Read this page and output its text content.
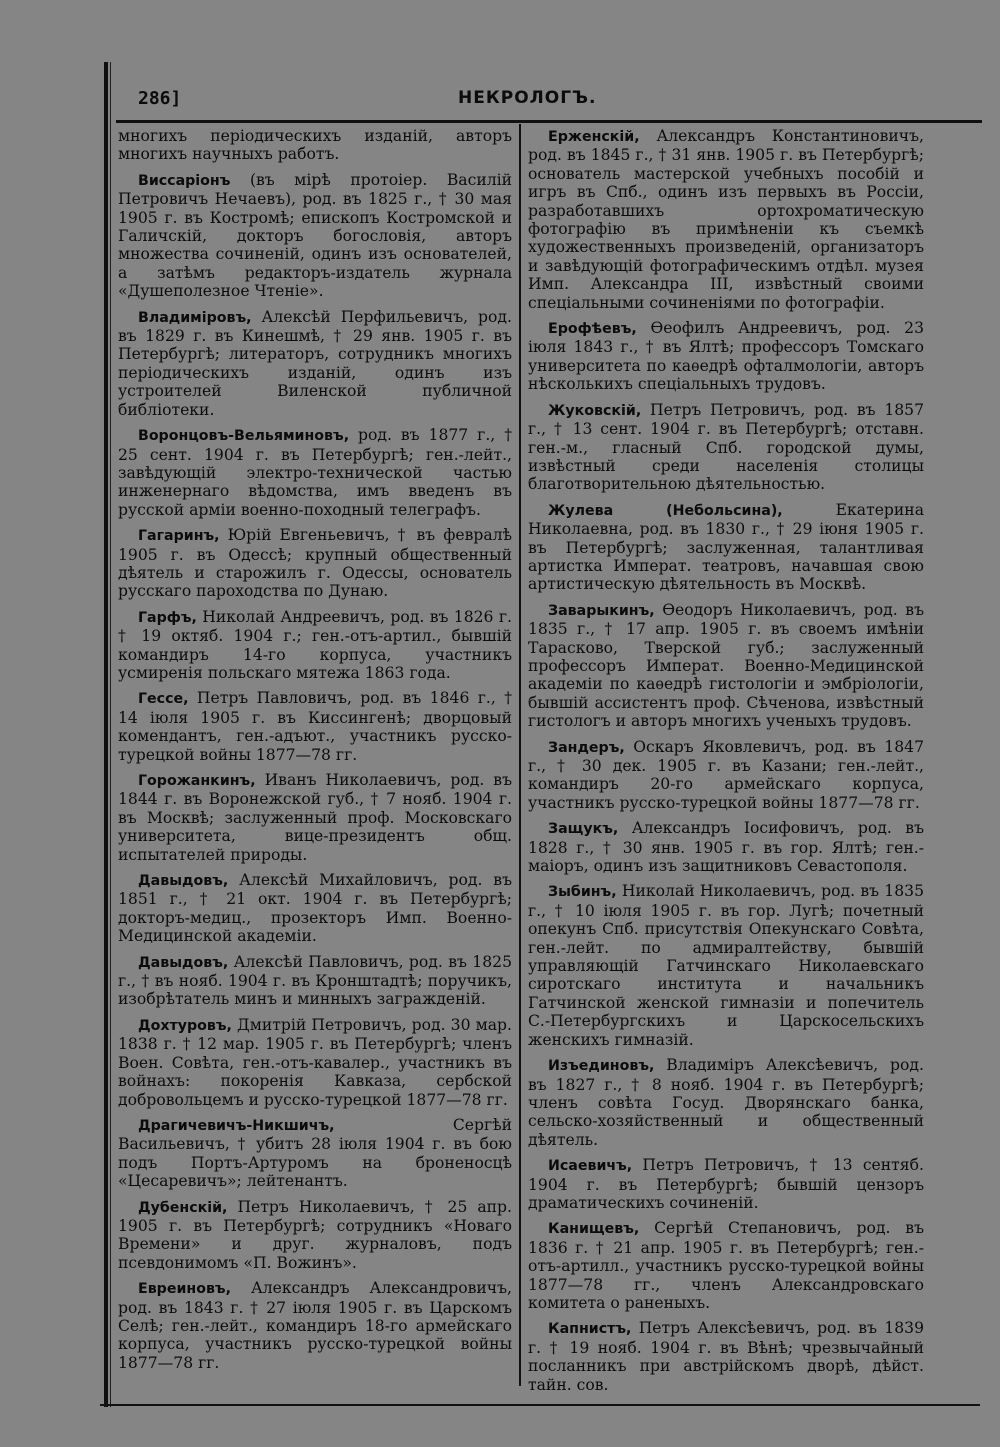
286]	НЕКРОЛОГЪ.

многихъ періодическихъ изданій, авторъ многихъ научныхъ работъ.

Виссаріонъ (въ мірѣ протоіер. Василій Петровичъ Нечаевъ), род. въ 1825 г., † 30 мая 1905 г. въ Костромѣ; епископъ Костромской и Галичскій, докторъ богословія, авторъ множества сочиненій, одинъ изъ основателей, а затѣмъ редакторъ-издатель журнала «Душеполезное Чтеніе».

Владиміровъ, Алексѣй Перфильевичъ, род. въ 1829 г. въ Кинешмѣ, † 29 янв. 1905 г. въ Петербургѣ; литераторъ, сотрудникъ многихъ періодическихъ изданій, одинъ изъ устроителей Виленской публичной библіотеки.

Воронцовъ-Вельяминовъ, род. въ 1877 г., † 25 сент. 1904 г. въ Петербургѣ; ген.-лейт., завѣдующій электро-технической частью инженернаго вѣдомства, имъ введенъ въ русской арміи военно-походный телеграфъ.

Гагаринъ, Юрій Евгеньевичъ, † въ февралѣ 1905 г. въ Одессѣ; крупный общественный дѣятель и старожилъ г. Одессы, основатель русскаго пароходства по Дунаю.

Гарфъ, Николай Андреевичъ, род. въ 1826 г. † 19 октяб. 1904 г.; ген.-отъ-артил., бывшій командиръ 14-го корпуса, участникъ усмиренія польскаго мятежа 1863 года.

Гессе, Петръ Павловичъ, род. въ 1846 г., † 14 іюля 1905 г. въ Киссингенѣ; дворцовый комендантъ, ген.-адъют., участникъ русско-турецкой войны 1877—78 гг.

Горожанкинъ, Иванъ Николаевичъ, род. въ 1844 г. въ Воронежской губ., † 7 нояб. 1904 г. въ Москвѣ; заслуженный проф. Московскаго университета, вице-президентъ общ. испытателей природы.

Давыдовъ, Алексѣй Михайловичъ, род. въ 1851 г., † 21 окт. 1904 г. въ Петербургѣ; докторъ-медиц., прозекторъ Имп. Военно-Медицинской академіи.

Давыдовъ, Алексѣй Павловичъ, род. въ 1825 г., † въ нояб. 1904 г. въ Кронштадтѣ; поручикъ, изобрѣтатель минъ и минныхъ загражденій.

Дохтуровъ, Дмитрій Петровичъ, род. 30 мар. 1838 г. † 12 мар. 1905 г. въ Петербургѣ; членъ Воен. Совѣта, ген.-отъ-кавалер., участникъ въ войнахъ: покоренія Кавказа, сербской добровольцемъ и русско-турецкой 1877—78 гг.

Драгичевичъ-Никшичъ, Сергѣй Васильевичъ, † убитъ 28 іюля 1904 г. въ бою подъ Портъ-Артуромъ на броненосцѣ «Цесаревичъ»; лейтенантъ.

Дубенскій, Петръ Николаевичъ, † 25 апр. 1905 г. въ Петербургѣ; сотрудникъ «Новаго Времени» и друг. журналовъ, подъ псевдонимомъ «П. Вожинъ».

Евреиновъ, Александръ Александровичъ, род. въ 1843 г. † 27 іюля 1905 г. въ Царскомъ Селѣ; ген.-лейт., командиръ 18-го армейскаго корпуса, участникъ русско-турецкой войны 1877—78 гг.

Ерженскій, Александръ Константиновичъ, род. въ 1845 г., † 31 янв. 1905 г. въ Петербургѣ; основатель мастерской учебныхъ пособій и игръ въ Спб., одинъ изъ первыхъ въ Россіи, разработавшихъ ортохроматическую фотографію въ примѣненіи къ съемкѣ художественныхъ произведеній, организаторъ и завѣдующій фотографическимъ отдѣл. музея Имп. Александра III, извѣстный своими спеціальными сочиненіями по фотографіи.

Ерофѣевъ, Ѳеофилъ Андреевичъ, род. 23 іюля 1843 г., † въ Ялтѣ; профессоръ Томскаго университета по каѳедрѣ офталмологіи, авторъ нѣсколькихъ спеціальныхъ трудовъ.

Жуковскій, Петръ Петровичъ, род. въ 1857 г., † 13 сент. 1904 г. въ Петербургѣ; отставн. ген.-м., гласный Спб. городской думы, извѣстный среди населенія столицы благотворительною дѣятельностью.

Жулева (Небольсина), Екатерина Николаевна, род. въ 1830 г., † 29 іюня 1905 г. въ Петербургѣ; заслуженная, талантливая артистка Императ. театровъ, начавшая свою артистическую дѣятельность въ Москвѣ.

Заварыкинъ, Ѳеодоръ Николаевичъ, род. въ 1835 г., † 17 апр. 1905 г. въ своемъ имѣніи Тарасково, Тверской губ.; заслуженный профессоръ Императ. Военно-Медицинской академіи по каѳедрѣ гистологіи и эмбріологіи, бывшій ассистентъ проф. Сѣченова, извѣстный гистологъ и авторъ многихъ ученыхъ трудовъ.

Зандеръ, Оскаръ Яковлевичъ, род. въ 1847 г., † 30 дек. 1905 г. въ Казани; ген.-лейт., командиръ 20-го армейскаго корпуса, участникъ русско-турецкой войны 1877—78 гг.

Защукъ, Александръ Іосифовичъ, род. въ 1828 г., † 30 янв. 1905 г. въ гор. Ялтѣ; ген.-маіоръ, одинъ изъ защитниковъ Севастополя.

Зыбинъ, Николай Николаевичъ, род. въ 1835 г., † 10 іюля 1905 г. въ гор. Лугѣ; почетный опекунъ Спб. присутствія Опекунскаго Совѣта, ген.-лейт. по адмиралтейству, бывшій управляющій Гатчинскаго Николаевскаго сиротскаго института и начальникъ Гатчинской женской гимназіи и попечитель С.-Петербургскихъ и Царскосельскихъ женскихъ гимназій.

Изъединовъ, Владиміръ Алексѣевичъ, род. въ 1827 г., † 8 нояб. 1904 г. въ Петербургѣ; членъ совѣта Госуд. Дворянскаго банка, сельско-хозяйственный и общественный дѣятель.

Исаевичъ, Петръ Петровичъ, † 13 сентяб. 1904 г. въ Петербургѣ; бывшій цензоръ драматическихъ сочиненій.

Канищевъ, Сергѣй Степановичъ, род. въ 1836 г. † 21 апр. 1905 г. въ Петербургѣ; ген.-отъ-артилл., участникъ русско-турецкой войны 1877—78 гг., членъ Александровскаго комитета о раненыхъ.

Капнистъ, Петръ Алексѣевичъ, род. въ 1839 г. † 19 нояб. 1904 г. въ Вѣнѣ; чрезвычайный посланникъ при австрійскомъ дворѣ, дѣйст. тайн. сов.
